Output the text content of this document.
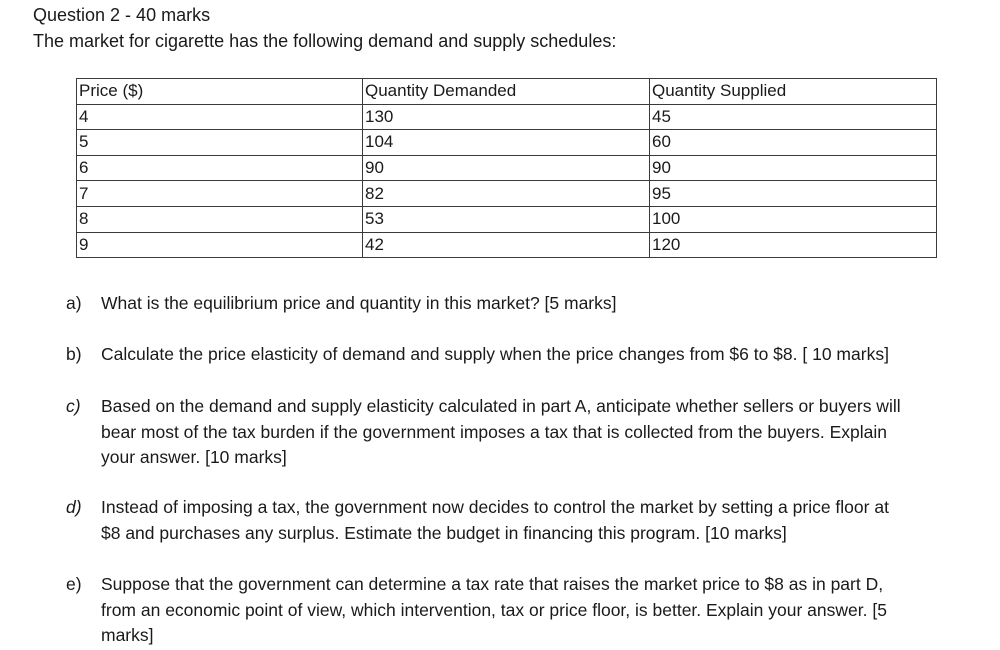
Question 2 - 40 marks
The market for cigarette has the following demand and supply schedules:
Price ($)	Quantity Demanded	Quantity Supplied
4	130	45
5	104	60
6	90	90
7	82	95
8	53	100
9	42	120
a) What is the equilibrium price and quantity in this market? [5 marks]
b) Calculate the price elasticity of demand and supply when the price changes from $6 to $8. [ 10 marks]
c) Based on the demand and supply elasticity calculated in part A, anticipate whether sellers or buyers will
bear most of the tax burden if the government imposes a tax that is collected from the buyers. Explain
your answer. [10 marks]
d) Instead of imposing a tax, the government now decides to control the market by setting a price floor at
$8 and purchases any surplus. Estimate the budget in financing this program. [10 marks]
e) Suppose that the government can determine a tax rate that raises the market price to $8 as in part D,
from an economic point of view, which intervention, tax or price floor, is better. Explain your answer. [5
marks]
